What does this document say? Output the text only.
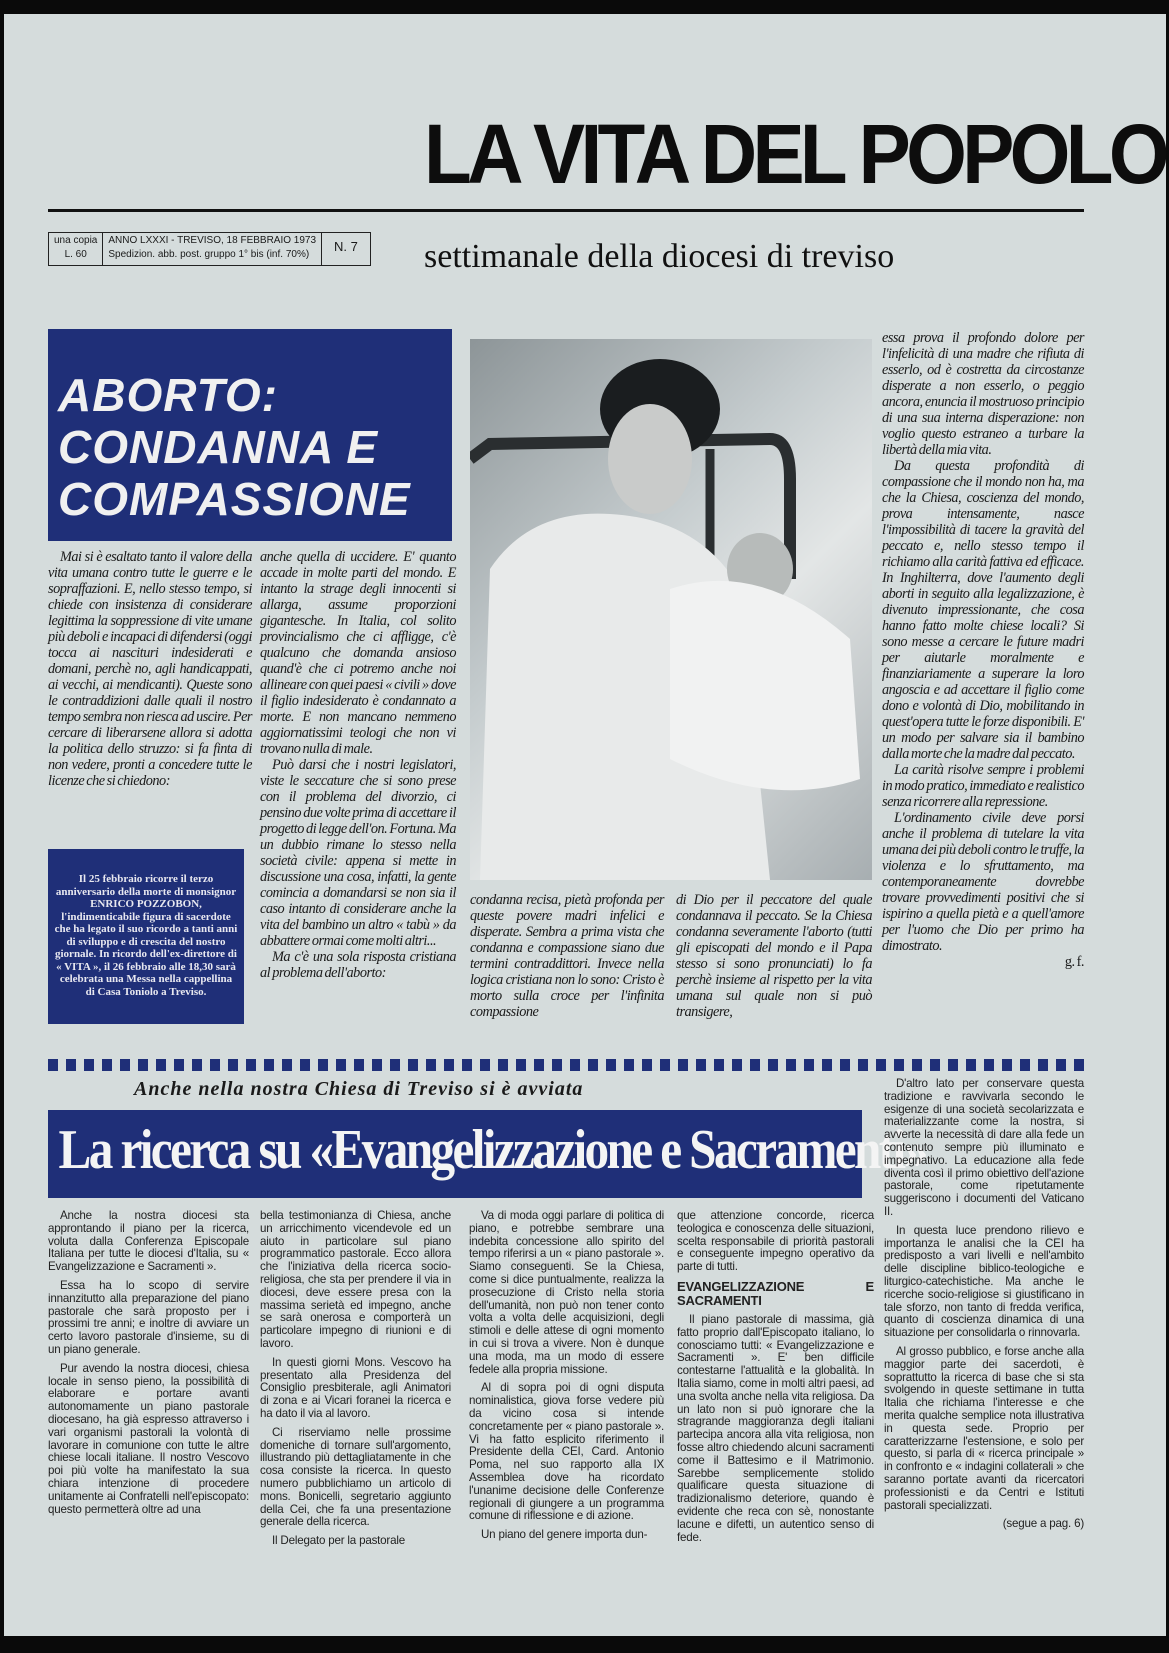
LA VITA DEL POPOLO
una copia
L. 60
ANNO LXXXI - TREVISO, 18 FEBBRAIO 1973
Spedizion. abb. post. gruppo 1° bis (inf. 70%)
N. 7	settimanale della diocesi di treviso
ABORTO: CONDANNA E COMPASSIONE

Mai si è esaltato tanto il valore della vita umana contro tutte le guerre e le sopraffazioni. E, nello stesso tempo, si chiede con insistenza di considerare legittima la soppressione di vite umane più deboli e incapaci di difendersi (oggi tocca ai nascituri indesiderati e domani, perchè no, agli handicappati, ai vecchi, ai mendicanti). Queste sono le contraddizioni dalle quali il nostro tempo sembra non riesca ad uscire. Per cercare di liberarsene allora si adotta la politica dello struzzo: si fa finta di non vedere, pronti a concedere tutte le licenze che si chiedono:

anche quella di uccidere. E' quanto accade in molte parti del mondo. E intanto la strage degli innocenti si allarga, assume proporzioni gigantesche. In Italia, col solito provincialismo che ci affligge, c'è qualcuno che domanda ansioso quand'è che ci potremo anche noi allineare con quei paesi « civili » dove il figlio indesiderato è condannato a morte. E non mancano nemmeno aggiornatissimi teologi che non vi trovano nulla di male.

Può darsi che i nostri legislatori, viste le seccature che si sono prese con il problema del divorzio, ci pensino due volte prima di accettare il progetto di legge dell'on. Fortuna. Ma un dubbio rimane lo stesso nella società civile: appena si mette in discussione una cosa, infatti, la gente comincia a domandarsi se non sia il caso intanto di considerare anche la vita del bambino un altro « tabù » da abbattere ormai come molti altri...

Ma c'è una sola risposta cristiana al problema dell'aborto:

condanna recisa, pietà profonda per queste povere madri infelici e disperate. Sembra a prima vista che condanna e compassione siano due termini contraddittori. Invece nella logica cristiana non lo sono: Cristo è morto sulla croce per l'infinita compassione

di Dio per il peccatore del quale condannava il peccato. Se la Chiesa condanna severamente l'aborto (tutti gli episcopati del mondo e il Papa stesso si sono pronunciati) lo fa perchè insieme al rispetto per la vita umana sul quale non si può transigere,

essa prova il profondo dolore per l'infelicità di una madre che rifiuta di esserlo, od è costretta da circostanze disperate a non esserlo, o peggio ancora, enuncia il mostruoso principio di una sua interna disperazione: non voglio questo estraneo a turbare la libertà della mia vita.

Da questa profondità di compassione che il mondo non ha, ma che la Chiesa, coscienza del mondo, prova intensamente, nasce l'impossibilità di tacere la gravità del peccato e, nello stesso tempo il richiamo alla carità fattiva ed efficace. In Inghilterra, dove l'aumento degli aborti in seguito alla legalizzazione, è divenuto impressionante, che cosa hanno fatto molte chiese locali? Si sono messe a cercare le future madri per aiutarle moralmente e finanziariamente a superare la loro angoscia e ad accettare il figlio come dono e volontà di Dio, mobilitando in quest'opera tutte le forze disponibili. E' un modo per salvare sia il bambino dalla morte che la madre dal peccato.

La carità risolve sempre i problemi in modo pratico, immediato e realistico senza ricorrere alla repressione.

L'ordinamento civile deve porsi anche il problema di tutelare la vita umana dei più deboli contro le truffe, la violenza e lo sfruttamento, ma contemporaneamente dovrebbe trovare provvedimenti positivi che si ispirino a quella pietà e a quell'amore per l'uomo che Dio per primo ha dimostrato.

g. f.
Il 25 febbraio ricorre il terzo anniversario della morte di monsignor ENRICO POZZOBON, l'indimenticabile figura di sacerdote che ha legato il suo ricordo a tanti anni di sviluppo e di crescita del nostro giornale. In ricordo dell'ex-direttore di « VITA », il 26 febbraio alle 18,30 sarà celebrata una Messa nella cappellina di Casa Toniolo a Treviso.
Anche nella nostra Chiesa di Treviso si è avviata
La ricerca su «Evangelizzazione e Sacramenti»

Anche la nostra diocesi sta approntando il piano per la ricerca, voluta dalla Conferenza Episcopale Italiana per tutte le diocesi d'Italia, su « Evangelizzazione e Sacramenti ».

Essa ha lo scopo di servire innanzitutto alla preparazione del piano pastorale che sarà proposto per i prossimi tre anni; e inoltre di avviare un certo lavoro pastorale d'insieme, su di un piano generale.

Pur avendo la nostra diocesi, chiesa locale in senso pieno, la possibilità di elaborare e portare avanti autonomamente un piano pastorale diocesano, ha già espresso attraverso i vari organismi pastorali la volontà di lavorare in comunione con tutte le altre chiese locali italiane. Il nostro Vescovo poi più volte ha manifestato la sua chiara intenzione di procedere unitamente ai Confratelli nell'episcopato: questo permetterà oltre ad una

bella testimonianza di Chiesa, anche un arricchimento vicendevole ed un aiuto in particolare sul piano programmatico pastorale. Ecco allora che l'iniziativa della ricerca socio-religiosa, che sta per prendere il via in diocesi, deve essere presa con la massima serietà ed impegno, anche se sarà onerosa e comporterà un particolare impegno di riunioni e di lavoro.

In questi giorni Mons. Vescovo ha presentato alla Presidenza del Consiglio presbiterale, agli Animatori di zona e ai Vicari foranei la ricerca e ha dato il via al lavoro.

Ci riserviamo nelle prossime domeniche di tornare sull'argomento, illustrando più dettagliatamente in che cosa consiste la ricerca. In questo numero pubblichiamo un articolo di mons. Bonicelli, segretario aggiunto della Cei, che fa una presentazione generale della ricerca.

Il Delegato per la pastorale

Va di moda oggi parlare di politica di piano, e potrebbe sembrare una indebita concessione allo spirito del tempo riferirsi a un « piano pastorale ». Siamo conseguenti. Se la Chiesa, come si dice puntualmente, realizza la prosecuzione di Cristo nella storia dell'umanità, non può non tener conto volta a volta delle acquisizioni, degli stimoli e delle attese di ogni momento in cui si trova a vivere. Non è dunque una moda, ma un modo di essere fedele alla propria missione.

Al di sopra poi di ogni disputa nominalistica, giova forse vedere più da vicino cosa si intende concretamente per « piano pastorale ». Vi ha fatto esplicito riferimento il Presidente della CEI, Card. Antonio Poma, nel suo rapporto alla IX Assemblea dove ha ricordato l'unanime decisione delle Conferenze regionali di giungere a un programma comune di riflessione e di azione.

Un piano del genere importa dun-

que attenzione concorde, ricerca teologica e conoscenza delle situazioni, scelta responsabile di priorità pastorali e conseguente impegno operativo da parte di tutti.

EVANGELIZZAZIONE E SACRAMENTI

Il piano pastorale di massima, già fatto proprio dall'Episcopato italiano, lo conosciamo tutti: « Evangelizzazione e Sacramenti ». E' ben difficile contestarne l'attualità e la globalità. In Italia siamo, come in molti altri paesi, ad una svolta anche nella vita religiosa. Da un lato non si può ignorare che la stragrande maggioranza degli italiani partecipa ancora alla vita religiosa, non fosse altro chiedendo alcuni sacramenti come il Battesimo e il Matrimonio. Sarebbe semplicemente stolido qualificare questa situazione di tradizionalismo deteriore, quando è evidente che reca con sè, nonostante lacune e difetti, un autentico senso di fede.

D'altro lato per conservare questa tradizione e ravvivarla secondo le esigenze di una società secolarizzata e materializzante come la nostra, si avverte la necessità di dare alla fede un contenuto sempre più illuminato e impegnativo. La educazione alla fede diventa così il primo obiettivo dell'azione pastorale, come ripetutamente suggeriscono i documenti del Vaticano II.

In questa luce prendono rilievo e importanza le analisi che la CEI ha predisposto a vari livelli e nell'ambito delle discipline biblico-teologiche e liturgico-catechistiche. Ma anche le ricerche socio-religiose si giustificano in tale sforzo, non tanto di fredda verifica, quanto di coscienza dinamica di una situazione per consolidarla o rinnovarla.

Al grosso pubblico, e forse anche alla maggior parte dei sacerdoti, è soprattutto la ricerca di base che si sta svolgendo in queste settimane in tutta Italia che richiama l'interesse e che merita qualche semplice nota illustrativa in questa sede. Proprio per caratterizzarne l'estensione, e solo per questo, si parla di « ricerca principale » in confronto e « indagini collaterali » che saranno portate avanti da ricercatori professionisti e da Centri e Istituti pastorali specializzati.

(segue a pag. 6)
